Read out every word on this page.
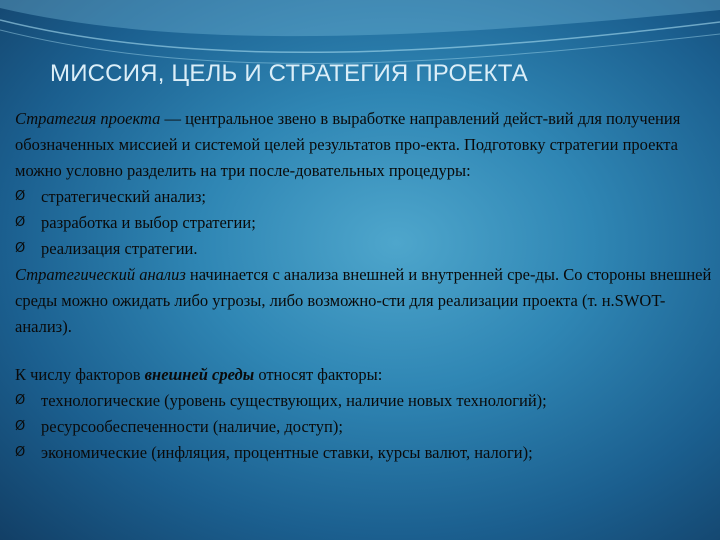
МИССИЯ, ЦЕЛЬ И СТРАТЕГИЯ ПРОЕКТА

Стратегия проекта — центральное звено в выработке направлений дейст-вий для получения обозначенных миссией и системой целей результатов про-екта. Подготовку стратегии проекта можно условно разделить на три после-довательных процедуры:

Ø стратегический анализ;

Ø разработка и выбор стратегии;

Ø реализация стратегии.

Стратегический анализ начинается с анализа внешней и внутренней сре-ды. Со стороны внешней среды можно ожидать либо угрозы, либо возможно-сти для реализации проекта (т. н.SWOT-анализ).

К числу факторов внешней среды относят факторы:

Ø технологические (уровень существующих, наличие новых технологий);

Ø ресурсообеспеченности (наличие, доступ);

Ø экономические (инфляция, процентные ставки, курсы валют, налоги);
